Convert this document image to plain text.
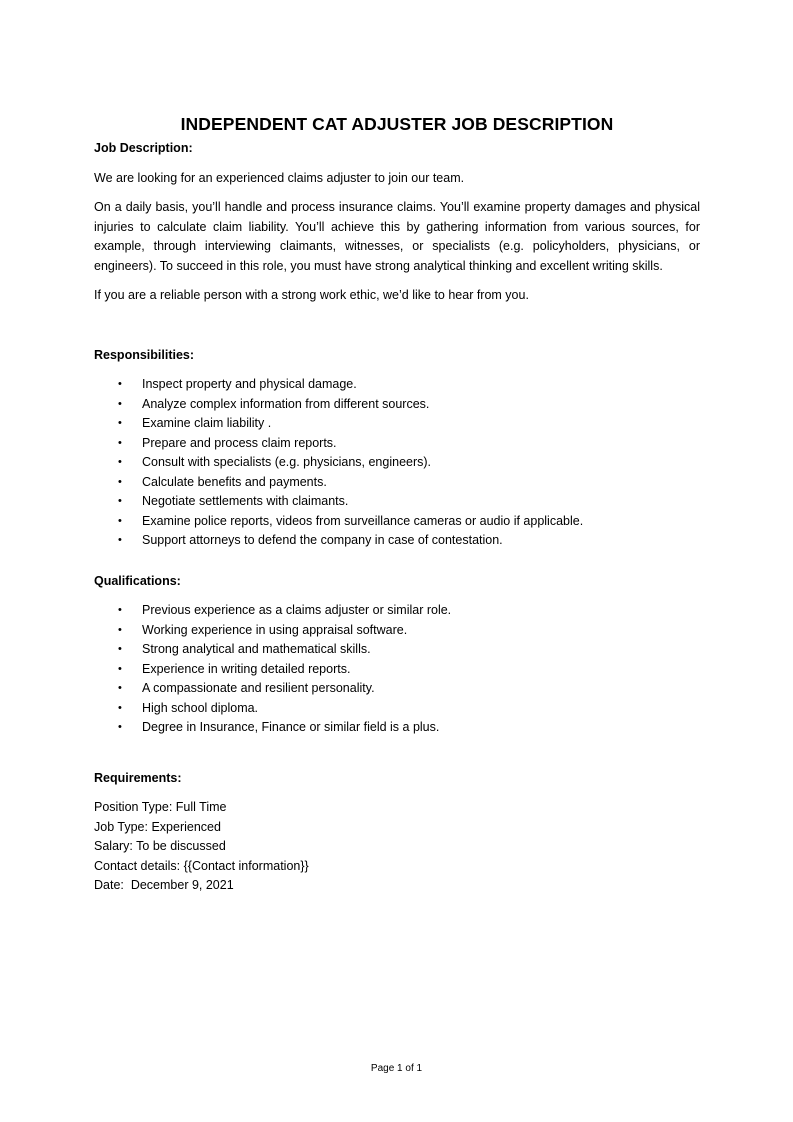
INDEPENDENT CAT ADJUSTER JOB DESCRIPTION
Job Description:

We are looking for an experienced claims adjuster to join our team.

On a daily basis, you’ll handle and process insurance claims. You’ll examine property damages and physical injuries to calculate claim liability. You’ll achieve this by gathering information from various sources, for example, through interviewing claimants, witnesses, or specialists (e.g. policyholders, physicians, or engineers). To succeed in this role, you must have strong analytical thinking and excellent writing skills.

If you are a reliable person with a strong work ethic, we’d like to hear from you.

Responsibilities:
• Inspect property and physical damage.
• Analyze complex information from different sources.
• Examine claim liability .
• Prepare and process claim reports.
• Consult with specialists (e.g. physicians, engineers).
• Calculate benefits and payments.
• Negotiate settlements with claimants.
• Examine police reports, videos from surveillance cameras or audio if applicable.
• Support attorneys to defend the company in case of contestation.
Qualifications:
• Previous experience as a claims adjuster or similar role.
• Working experience in using appraisal software.
• Strong analytical and mathematical skills.
• Experience in writing detailed reports.
• A compassionate and resilient personality.
• High school diploma.
• Degree in Insurance, Finance or similar field is a plus.
Requirements:

Position Type: Full Time

Job Type: Experienced

Salary: To be discussed

Contact details: {{Contact information}}

Date:  December 9, 2021

Page 1 of 1
